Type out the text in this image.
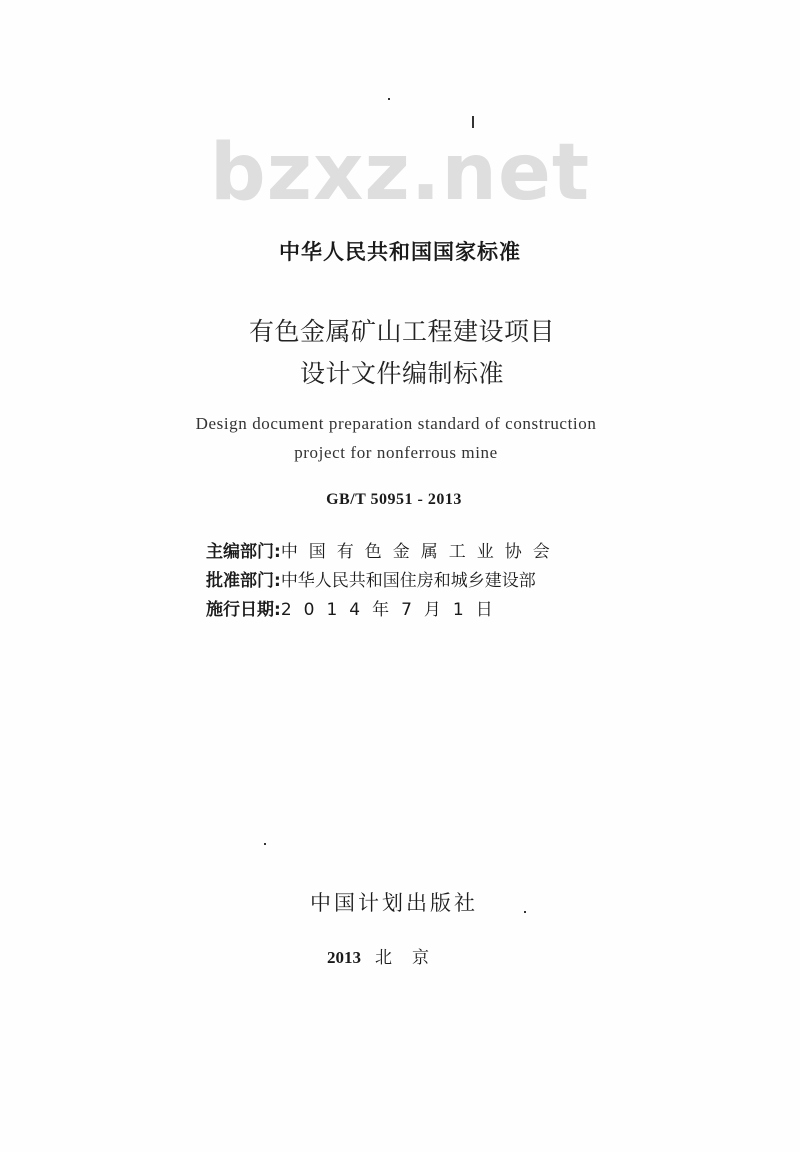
bzxz.net
中华人民共和国国家标准
有色金属矿山工程建设项目
设计文件编制标准
Design document preparation standard of construction
project for nonferrous mine
GB/T 50951 - 2013
主编部门:中国有色金属工业协会
批准部门:中华人民共和国住房和城乡建设部
施行日期:2014年7月1日
中国计划出版社
2013 北京
